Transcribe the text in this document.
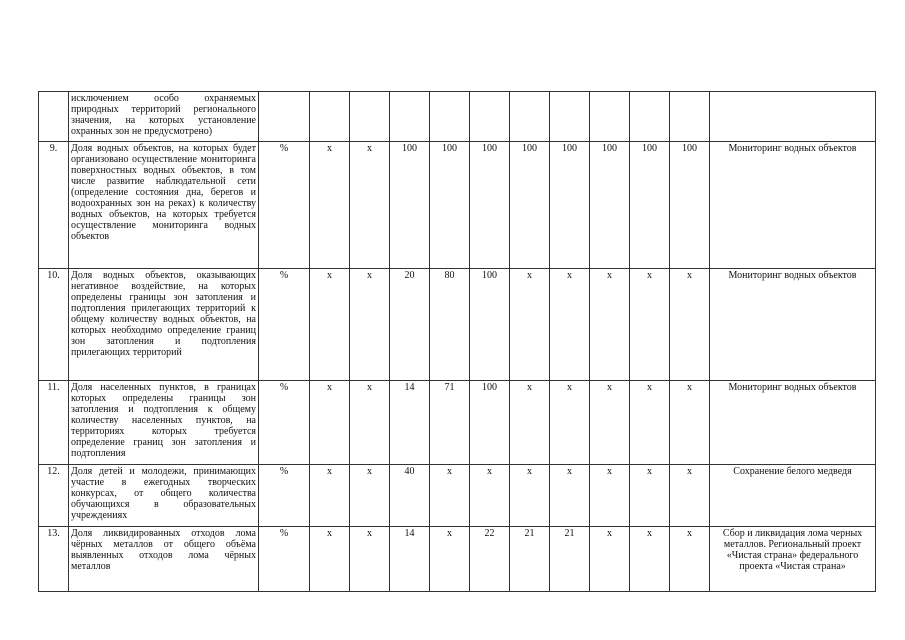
	исключением особо охраняемых природных территорий регионального значения, на которых установление охранных зон не предусмотрено)												
9.	Доля водных объектов, на которых будет организовано осуществление мониторинга поверхностных водных объектов, в том числе развитие наблюдательной сети (определение состояния дна, берегов и водоохранных зон на реках) к количеству водных объектов, на которых требуется осуществление мониторинга водных объектов	%	х	х	100	100	100	100	100	100	100	100	Мониторинг водных объектов
10.	Доля водных объектов, оказывающих негативное воздействие, на которых определены границы зон затопления и подтопления прилегающих территорий к общему количеству водных объектов, на которых необходимо определение границ зон затопления и подтопления прилегающих территорий	%	х	х	20	80	100	х	х	х	х	х	Мониторинг водных объектов
11.	Доля населенных пунктов, в границах которых определены границы зон затопления и подтопления к общему количеству населенных пунктов, на территориях которых требуется определение границ зон затопления и подтопления	%	х	х	14	71	100	х	х	х	х	х	Мониторинг водных объектов
12.	Доля детей и молодежи, принимающих участие в ежегодных творческих конкурсах, от общего количества обучающихся в образовательных учреждениях	%	х	х	40	х	х	х	х	х	х	х	Сохранение белого медведя
13.	Доля ликвидированных отходов лома чёрных металлов от общего объёма выявленных отходов лома чёрных металлов	%	х	х	14	х	22	21	21	х	х	х	Сбор и ликвидация лома черных металлов. Региональный проект «Чистая страна» федерального проекта «Чистая страна»
